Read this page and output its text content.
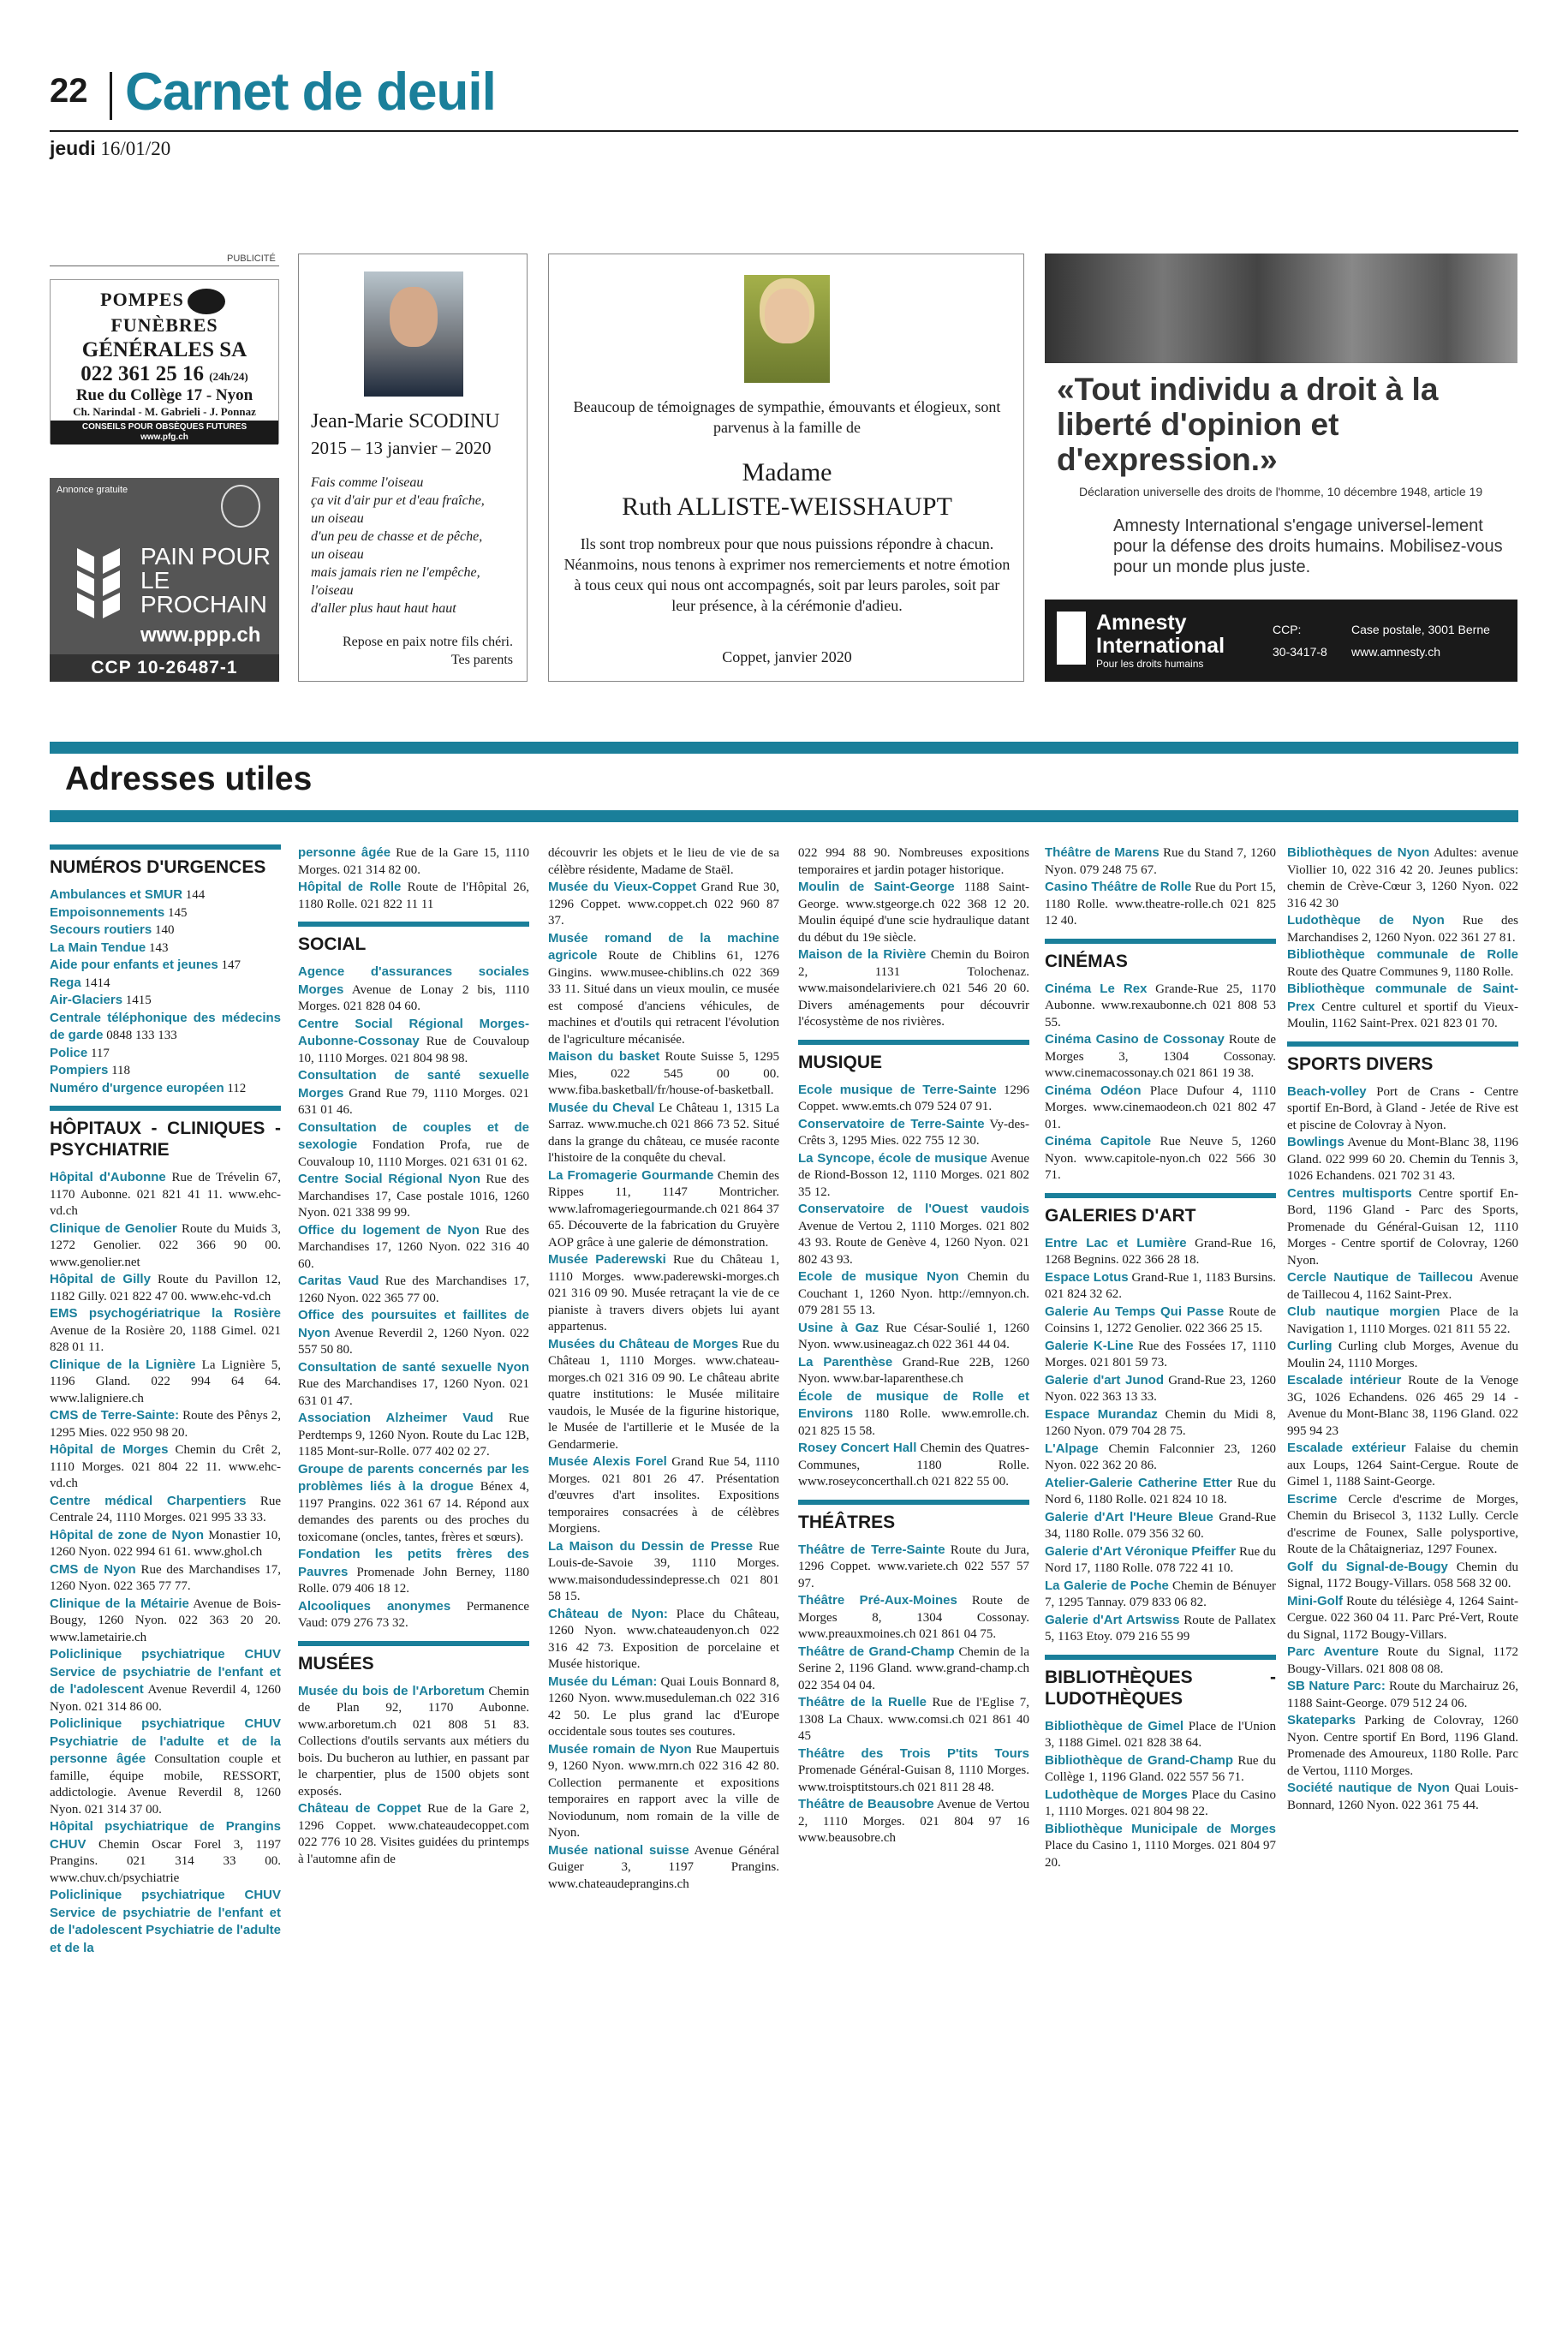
22 Carnet de deuil
jeudi 16/01/20
PUBLICITÉ
POMPESFUNÈBRES
GÉNÉRALES SA
022 361 25 16 (24h/24)
Rue du Collège 17 - Nyon
Ch. Narindal - M. Gabrieli - J. Ponnaz
CONSEILS POUR OBSÈQUES FUTURES
www.pfg.ch
Annonce gratuite
PAIN POUR LE PROCHAIN
www.ppp.ch
CCP 10-26487-1
Jean-Marie SCODINU
2015 – 13 janvier – 2020
Fais comme l'oiseau
ça vit d'air pur et d'eau fraîche,
un oiseau
d'un peu de chasse et de pêche,
un oiseau
mais jamais rien ne l'empêche,
l'oiseau
d'aller plus haut haut haut
Repose en paix notre fils chéri.
Tes parents
Beaucoup de témoignages de sympathie, émouvants et élogieux, sont parvenus à la famille de
Madame
Ruth ALLISTE-WEISSHAUPT
Ils sont trop nombreux pour que nous puissions répondre à chacun. Néanmoins, nous tenons à exprimer nos remerciements et notre émotion à tous ceux qui nous ont accompagnés, soit par leurs paroles, soit par leur présence, à la cérémonie d'adieu.
Coppet, janvier 2020
«Tout individu a droit à la liberté d'opinion et d'expression.»
Déclaration universelle des droits de l'homme, 10 décembre 1948, article 19
Amnesty International s'engage universel-lement pour la défense des droits humains. Mobilisez-vous pour un monde plus juste.
Amnesty
International
Pour les droits humains
CCP:
30-3417-8
Case postale, 3001 Berne
www.amnesty.ch
Adresses utiles
NUMÉROS D'URGENCES
Ambulances et SMUR 144
Empoisonnements 145
Secours routiers 140
La Main Tendue 143
Aide pour enfants et jeunes 147
Rega 1414
Air-Glaciers 1415
Centrale téléphonique des médecins de garde 0848 133 133
Police 117
Pompiers 118
Numéro d'urgence européen 112
HÔPITAUX - CLINIQUES - PSYCHIATRIE
Hôpital d'Aubonne Rue de Trévelin 67, 1170 Aubonne. 021 821 41 11. www.ehc-vd.ch
Clinique de Genolier Route du Muids 3, 1272 Genolier. 022 366 90 00. www.genolier.net
Hôpital de Gilly Route du Pavillon 12, 1182 Gilly. 021 822 47 00. www.ehc-vd.ch
EMS psychogériatrique la Rosière Avenue de la Rosière 20, 1188 Gimel. 021 828 01 11.
Clinique de la Lignière La Lignière 5, 1196 Gland. 022 994 64 64. www.laligniere.ch
CMS de Terre-Sainte: Route des Pênys 2, 1295 Mies. 022 950 98 20.
Hôpital de Morges Chemin du Crêt 2, 1110 Morges. 021 804 22 11. www.ehc-vd.ch
Centre médical Charpentiers Rue Centrale 24, 1110 Morges. 021 995 33 33.
Hôpital de zone de Nyon Monastier 10, 1260 Nyon. 022 994 61 61. www.ghol.ch
CMS de Nyon Rue des Marchandises 17, 1260 Nyon. 022 365 77 77.
Clinique de la Métairie Avenue de Bois-Bougy, 1260 Nyon. 022 363 20 20. www.lametairie.ch
Policlinique psychiatrique CHUV Service de psychiatrie de l'enfant et de l'adolescent Avenue Reverdil 4, 1260 Nyon. 021 314 86 00.
Policlinique psychiatrique CHUV Psychiatrie de l'adulte et de la personne âgée Consultation couple et famille, équipe mobile, RESSORT, addictologie. Avenue Reverdil 8, 1260 Nyon. 021 314 37 00.
Hôpital psychiatrique de Prangins CHUV Chemin Oscar Forel 3, 1197 Prangins. 021 314 33 00. www.chuv.ch/psychiatrie
Policlinique psychiatrique CHUV Service de psychiatrie de l'enfant et de l'adolescent Psychiatrie de l'adulte et de la
personne âgée Rue de la Gare 15, 1110 Morges. 021 314 82 00.
Hôpital de Rolle Route de l'Hôpital 26, 1180 Rolle. 021 822 11 11
SOCIAL
Agence d'assurances sociales Morges Avenue de Lonay 2 bis, 1110 Morges. 021 828 04 60.
Centre Social Régional Morges-Aubonne-Cossonay Rue de Couvaloup 10, 1110 Morges. 021 804 98 98.
Consultation de santé sexuelle Morges Grand Rue 79, 1110 Morges. 021 631 01 46.
Consultation de couples et de sexologie Fondation Profa, rue de Couvaloup 10, 1110 Morges. 021 631 01 62.
Centre Social Régional Nyon Rue des Marchandises 17, Case postale 1016, 1260 Nyon. 021 338 99 99.
Office du logement de Nyon Rue des Marchandises 17, 1260 Nyon. 022 316 40 60.
Caritas Vaud Rue des Marchandises 17, 1260 Nyon. 022 365 77 00.
Office des poursuites et faillites de Nyon Avenue Reverdil 2, 1260 Nyon. 022 557 50 80.
Consultation de santé sexuelle Nyon Rue des Marchandises 17, 1260 Nyon. 021 631 01 47.
Association Alzheimer Vaud Rue Perdtemps 9, 1260 Nyon. Route du Lac 12B, 1185 Mont-sur-Rolle. 077 402 02 27.
Groupe de parents concernés par les problèmes liés à la drogue Bénex 4, 1197 Prangins. 022 361 67 14. Répond aux demandes des parents ou des proches du toxicomane (oncles, tantes, frères et sœurs).
Fondation les petits frères des Pauvres Promenade John Berney, 1180 Rolle. 079 406 18 12.
Alcooliques anonymes Permanence Vaud: 079 276 73 32.
MUSÉES
Musée du bois de l'Arboretum Chemin de Plan 92, 1170 Aubonne. www.arboretum.ch 021 808 51 83. Collections d'outils servants aux métiers du bois. Du bucheron au luthier, en passant par le charpentier, plus de 1500 objets sont exposés.
Château de Coppet Rue de la Gare 2, 1296 Coppet. www.chateaudecoppet.com 022 776 10 28. Visites guidées du printemps à l'automne afin de
découvrir les objets et le lieu de vie de sa célèbre résidente, Madame de Staël.
Musée du Vieux-Coppet Grand Rue 30, 1296 Coppet. www.coppet.ch 022 960 87 37.
Musée romand de la machine agricole Route de Chiblins 61, 1276 Gingins. www.musee-chiblins.ch 022 369 33 11. Situé dans un vieux moulin, ce musée est composé d'anciens véhicules, de machines et d'outils qui retracent l'évolution de l'agriculture mécanisée.
Maison du basket Route Suisse 5, 1295 Mies, 022 545 00 00. www.fiba.basketball/fr/house-of-basketball.
Musée du Cheval Le Château 1, 1315 La Sarraz. www.muche.ch 021 866 73 52. Situé dans la grange du château, ce musée raconte l'histoire de la conquête du cheval.
La Fromagerie Gourmande Chemin des Rippes 11, 1147 Montricher. www.lafromageriegourmande.ch 021 864 37 65. Découverte de la fabrication du Gruyère AOP grâce à une galerie de démonstration.
Musée Paderewski Rue du Château 1, 1110 Morges. www.paderewski-morges.ch 021 316 09 90. Musée retraçant la vie de ce pianiste à travers divers objets lui ayant appartenus.
Musées du Château de Morges Rue du Château 1, 1110 Morges. www.chateau-morges.ch 021 316 09 90. Le château abrite quatre institutions: le Musée militaire vaudois, le Musée de la figurine historique, le Musée de l'artillerie et le Musée de la Gendarmerie.
Musée Alexis Forel Grand Rue 54, 1110 Morges. 021 801 26 47. Présentation d'œuvres d'art insolites. Expositions temporaires consacrées à de célèbres Morgiens.
La Maison du Dessin de Presse Rue Louis-de-Savoie 39, 1110 Morges. www.maisondudessindepresse.ch 021 801 58 15.
Château de Nyon: Place du Château, 1260 Nyon. www.chateaudenyon.ch 022 316 42 73. Exposition de porcelaine et Musée historique.
Musée du Léman: Quai Louis Bonnard 8, 1260 Nyon. www.museduleman.ch 022 316 42 50. Le plus grand lac d'Europe occidentale sous toutes ses coutures.
Musée romain de Nyon Rue Maupertuis 9, 1260 Nyon. www.mrn.ch 022 316 42 80. Collection permanente et expositions temporaires en rapport avec la ville de Noviodunum, nom romain de la ville de Nyon.
Musée national suisse Avenue Général Guiger 3, 1197 Prangins. www.chateaudeprangins.ch
022 994 88 90. Nombreuses expositions temporaires et jardin potager historique.
Moulin de Saint-George 1188 Saint-George. www.stgeorge.ch 022 368 12 20. Moulin équipé d'une scie hydraulique datant du début du 19e siècle.
Maison de la Rivière Chemin du Boiron 2, 1131 Tolochenaz. www.maisondelariviere.ch 021 546 20 60. Divers aménagements pour découvrir l'écosystème de nos rivières.
MUSIQUE
Ecole musique de Terre-Sainte 1296 Coppet. www.emts.ch 079 524 07 91.
Conservatoire de Terre-Sainte Vy-des-Crêts 3, 1295 Mies. 022 755 12 30.
La Syncope, école de musique Avenue de Riond-Bosson 12, 1110 Morges. 021 802 35 12.
Conservatoire de l'Ouest vaudois Avenue de Vertou 2, 1110 Morges. 021 802 43 93. Route de Genève 4, 1260 Nyon. 021 802 43 93.
Ecole de musique Nyon Chemin du Couchant 1, 1260 Nyon. http://emnyon.ch. 079 281 55 13.
Usine à Gaz Rue César-Soulié 1, 1260 Nyon. www.usineagaz.ch 022 361 44 04.
La Parenthèse Grand-Rue 22B, 1260 Nyon. www.bar-laparenthese.ch
École de musique de Rolle et Environs 1180 Rolle. www.emrolle.ch. 021 825 15 58.
Rosey Concert Hall Chemin des Quatres-Communes, 1180 Rolle. www.roseyconcerthall.ch 021 822 55 00.
THÉÂTRES
Théâtre de Terre-Sainte Route du Jura, 1296 Coppet. www.variete.ch 022 557 57 97.
Théâtre Pré-Aux-Moines Route de Morges 8, 1304 Cossonay. www.preauxmoines.ch 021 861 04 75.
Théâtre de Grand-Champ Chemin de la Serine 2, 1196 Gland. www.grand-champ.ch 022 354 04 04.
Théâtre de la Ruelle Rue de l'Eglise 7, 1308 La Chaux. www.comsi.ch 021 861 40 45
Théâtre des Trois P'tits Tours Promenade Général-Guisan 8, 1110 Morges. www.troisptitstours.ch 021 811 28 48.
Théâtre de Beausobre Avenue de Vertou 2, 1110 Morges. 021 804 97 16 www.beausobre.ch
Théâtre de Marens Rue du Stand 7, 1260 Nyon. 079 248 75 67.
Casino Théâtre de Rolle Rue du Port 15, 1180 Rolle. www.theatre-rolle.ch 021 825 12 40.
CINÉMAS
Cinéma Le Rex Grande-Rue 25, 1170 Aubonne. www.rexaubonne.ch 021 808 53 55.
Cinéma Casino de Cossonay Route de Morges 3, 1304 Cossonay. www.cinemacossonay.ch 021 861 19 38.
Cinéma Odéon Place Dufour 4, 1110 Morges. www.cinemaodeon.ch 021 802 47 01.
Cinéma Capitole Rue Neuve 5, 1260 Nyon. www.capitole-nyon.ch 022 566 30 71.
GALERIES D'ART
Entre Lac et Lumière Grand-Rue 16, 1268 Begnins. 022 366 28 18.
Espace Lotus Grand-Rue 1, 1183 Bursins. 021 824 32 62.
Galerie Au Temps Qui Passe Route de Coinsins 1, 1272 Genolier. 022 366 25 15.
Galerie K-Line Rue des Fossées 17, 1110 Morges. 021 801 59 73.
Galerie d'art Junod Grand-Rue 23, 1260 Nyon. 022 363 13 33.
Espace Murandaz Chemin du Midi 8, 1260 Nyon. 079 704 28 75.
L'Alpage Chemin Falconnier 23, 1260 Nyon. 022 362 20 86.
Atelier-Galerie Catherine Etter Rue du Nord 6, 1180 Rolle. 021 824 10 18.
Galerie d'Art l'Heure Bleue Grand-Rue 34, 1180 Rolle. 079 356 32 60.
Galerie d'Art Véronique Pfeiffer Rue du Nord 17, 1180 Rolle. 078 722 41 10.
La Galerie de Poche Chemin de Bénuyer 7, 1295 Tannay. 079 833 06 82.
Galerie d'Art Artswiss Route de Pallatex 5, 1163 Etoy. 079 216 55 99
BIBLIOTHÈQUES - LUDOTHÈQUES
Bibliothèque de Gimel Place de l'Union 3, 1188 Gimel. 021 828 38 64.
Bibliothèque de Grand-Champ Rue du Collège 1, 1196 Gland. 022 557 56 71.
Ludothèque de Morges Place du Casino 1, 1110 Morges. 021 804 98 22.
Bibliothèque Municipale de Morges Place du Casino 1, 1110 Morges. 021 804 97 20.
Bibliothèques de Nyon Adultes: avenue Viollier 10, 022 316 42 20. Jeunes publics: chemin de Crève-Cœur 3, 1260 Nyon. 022 316 42 30
Ludothèque de Nyon Rue des Marchandises 2, 1260 Nyon. 022 361 27 81.
Bibliothèque communale de Rolle Route des Quatre Communes 9, 1180 Rolle.
Bibliothèque communale de Saint-Prex Centre culturel et sportif du Vieux-Moulin, 1162 Saint-Prex. 021 823 01 70.
SPORTS DIVERS
Beach-volley Port de Crans - Centre sportif En-Bord, à Gland - Jetée de Rive est et piscine de Colovray à Nyon.
Bowlings Avenue du Mont-Blanc 38, 1196 Gland. 022 999 60 20. Chemin du Tennis 3, 1026 Echandens. 021 702 31 43.
Centres multisports Centre sportif En-Bord, 1196 Gland - Parc des Sports, Promenade du Général-Guisan 12, 1110 Morges - Centre sportif de Colovray, 1260 Nyon.
Cercle Nautique de Taillecou Avenue de Taillecou 4, 1162 Saint-Prex.
Club nautique morgien Place de la Navigation 1, 1110 Morges. 021 811 55 22.
Curling Curling club Morges, Avenue du Moulin 24, 1110 Morges.
Escalade intérieur Route de la Venoge 3G, 1026 Echandens. 026 465 29 14 - Avenue du Mont-Blanc 38, 1196 Gland. 022 995 94 23
Escalade extérieur Falaise du chemin aux Loups, 1264 Saint-Cergue. Route de Gimel 1, 1188 Saint-George.
Escrime Cercle d'escrime de Morges, Chemin du Brisecol 3, 1132 Lully. Cercle d'escrime de Founex, Salle polysportive, Route de la Châtaigneriaz, 1297 Founex.
Golf du Signal-de-Bougy Chemin du Signal, 1172 Bougy-Villars. 058 568 32 00.
Mini-Golf Route du télésiège 4, 1264 Saint-Cergue. 022 360 04 11. Parc Pré-Vert, Route du Signal, 1172 Bougy-Villars.
Parc Aventure Route du Signal, 1172 Bougy-Villars. 021 808 08 08.
SB Nature Parc: Route du Marchairuz 26, 1188 Saint-George. 079 512 24 06.
Skateparks Parking de Colovray, 1260 Nyon. Centre sportif En Bord, 1196 Gland. Promenade des Amoureux, 1180 Rolle. Parc de Vertou, 1110 Morges.
Société nautique de Nyon Quai Louis-Bonnard, 1260 Nyon. 022 361 75 44.
